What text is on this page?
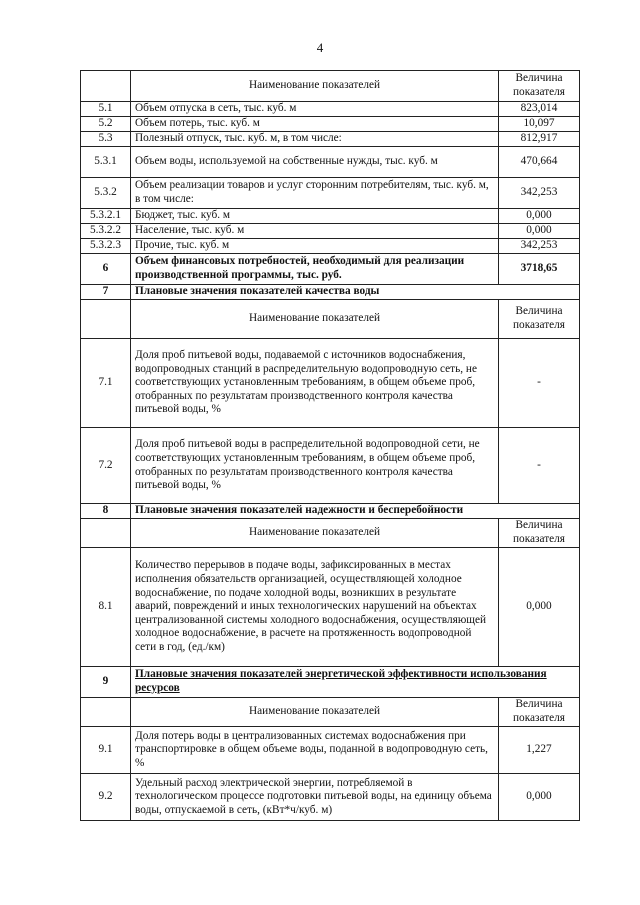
4
	Наименование показателей	Величина показателя
5.1	Объем отпуска в сеть, тыс. куб. м	823,014
5.2	Объем потерь, тыс. куб. м	10,097
5.3	Полезный отпуск, тыс. куб. м, в том числе:	812,917
5.3.1	Объем воды, используемой на собственные нужды, тыс. куб. м	470,664
5.3.2	Объем реализации товаров и услуг сторонним потребителям, тыс. куб. м, в том числе:	342,253
5.3.2.1	Бюджет, тыс. куб. м	0,000
5.3.2.2	Население, тыс. куб. м	0,000
5.3.2.3	Прочие, тыс. куб. м	342,253
6	Объем финансовых потребностей, необходимый для реализации производственной программы, тыс. руб.	3718,65
7	Плановые значения показателей качества воды	
	Наименование показателей	Величина показателя
7.1	Доля проб питьевой воды, подаваемой с источников водоснабжения, водопроводных станций в распределительную водопроводную сеть, не соответствующих установленным требованиям, в общем объеме проб, отобранных по результатам производственного контроля качества питьевой воды, %	-
7.2	Доля проб питьевой воды в распределительной водопроводной сети, не соответствующих установленным требованиям, в общем объеме проб, отобранных по результатам производственного контроля качества питьевой воды, %	-
8	Плановые значения показателей надежности и бесперебойности	
	Наименование показателей	Величина показателя
8.1	Количество перерывов в подаче воды, зафиксированных в местах исполнения обязательств организацией, осуществляющей холодное водоснабжение, по подаче холодной воды, возникших в результате аварий, повреждений и иных технологических нарушений на объектах централизованной системы холодного водоснабжения, осуществляющей холодное водоснабжение, в расчете на протяженность водопроводной сети в год, (ед./км)	0,000
9	Плановые значения показателей энергетической эффективности использования ресурсов	
	Наименование показателей	Величина показателя
9.1	Доля потерь воды в централизованных системах водоснабжения при транспортировке в общем объеме воды, поданной в водопроводную сеть, %	1,227
9.2	Удельный расход электрической энергии, потребляемой в технологическом процессе подготовки питьевой воды, на единицу объема воды, отпускаемой в сеть, (кВт*ч/куб. м)	0,000
